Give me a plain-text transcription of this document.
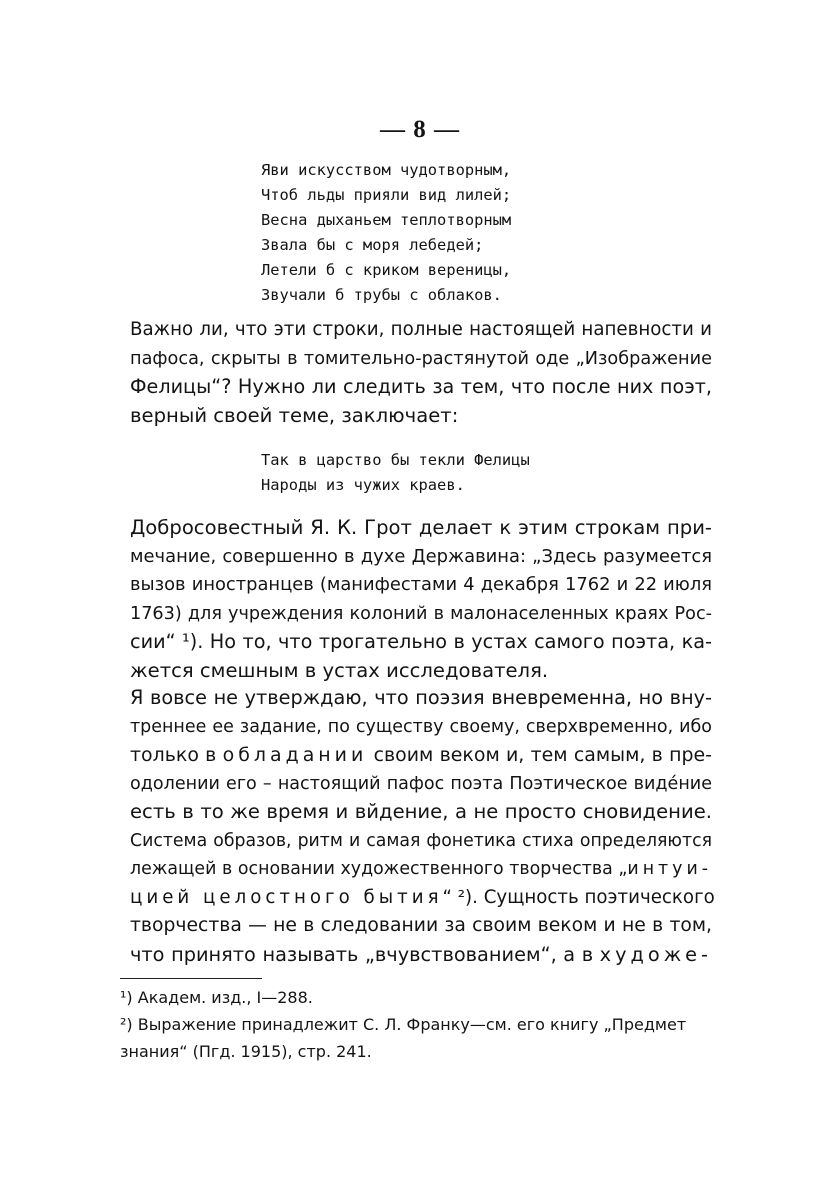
— 8 —
Яви искусством чудотворным,
Чтоб льды прияли вид лилей;
Весна дыханьем теплотворным
Звала бы с моря лебедей;
Летели б с криком вереницы,
Звучали б трубы с облаков.
Важно ли, что эти строки, полные настоящей напевности и
пафоса, скрыты в томительно-растянутой оде „Изображение
Фелицы“? Нужно ли следить за тем, что после них поэт,
верный своей теме, заключает:
Так в царство бы текли Фелицы
Народы из чужих краев.
Добросовестный Я. К. Грот делает к этим строкам при-
мечание, совершенно в духе Державина: „Здесь разумеется
вызов иностранцев (манифестами 4 декабря 1762 и 22 июля
1763) для учреждения колоний в малонаселенных краях Рос-
сии“ ¹). Но то, что трогательно в устах самого поэта, ка-
жется смешным в устах исследователя.
Я вовсе не утверждаю, что поэзия вневременна, но вну-
треннее ее задание, по существу своему, сверхвременно, ибо
только в обладании своим веком и, тем самым, в пре-
одолении его – настоящий пафос поэта Поэтическое видéние
есть в то же время и вйдение, а не просто сновидение.
Система образов, ритм и самая фонетика стиха определяются
лежащей в основании художественного творчества „интуи-
цией целостного бытия“ ²). Сущность поэтического
творчества — не в следовании за своим веком и не в том,
что принято называть „вчувствованием“, а в художе-
¹) Академ. изд., I—288.
²) Выражение принадлежит С. Л. Франку—см. его книгу „Предмет
знания“ (Пгд. 1915), стр. 241.
